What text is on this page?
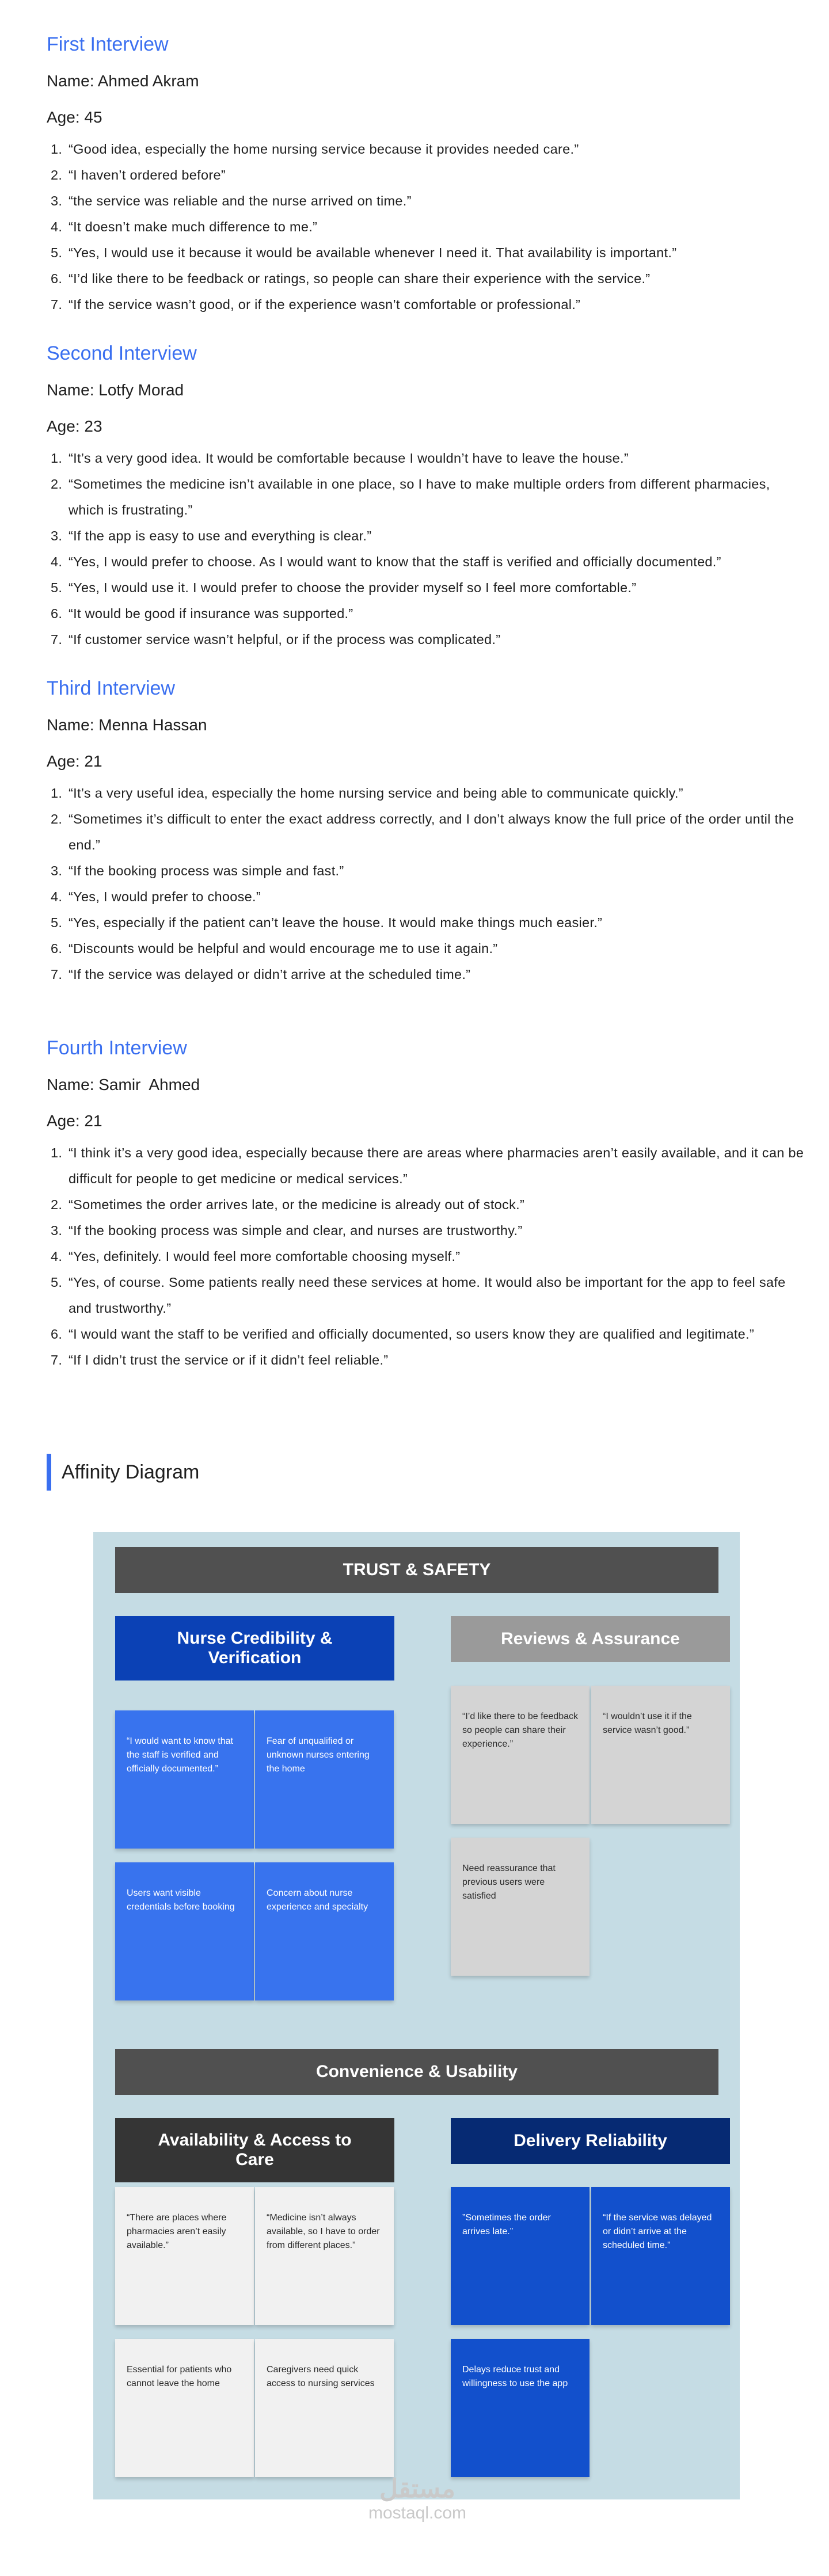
First Interview
Name: Ahmed Akram
Age: 45
1. “Good idea, especially the home nursing service because it provides needed care.”
2. “I haven’t ordered before”
3. “the service was reliable and the nurse arrived on time.”
4. “It doesn’t make much difference to me.”
5. “Yes, I would use it because it would be available whenever I need it. That availability is important.”
6. “I’d like there to be feedback or ratings, so people can share their experience with the service.”
7. “If the service wasn’t good, or if the experience wasn’t comfortable or professional.”
Second Interview
Name: Lotfy Morad
Age: 23
1. “It’s a very good idea. It would be comfortable because I wouldn’t have to leave the house.”
2. “Sometimes the medicine isn’t available in one place, so I have to make multiple orders from different pharmacies, which is frustrating.”
3. “If the app is easy to use and everything is clear.”
4. “Yes, I would prefer to choose. As I would want to know that the staff is verified and officially documented.”
5. “Yes, I would use it. I would prefer to choose the provider myself so I feel more comfortable.”
6. “It would be good if insurance was supported.”
7. “If customer service wasn’t helpful, or if the process was complicated.”
Third Interview
Name: Menna Hassan
Age: 21
1. “It’s a very useful idea, especially the home nursing service and being able to communicate quickly.”
2. “Sometimes it’s difficult to enter the exact address correctly, and I don’t always know the full price of the order until the end.”
3. “If the booking process was simple and fast.”
4. “Yes, I would prefer to choose.”
5. “Yes, especially if the patient can’t leave the house. It would make things much easier.”
6. “Discounts would be helpful and would encourage me to use it again.”
7. “If the service was delayed or didn’t arrive at the scheduled time.”
Fourth Interview
Name: Samir  Ahmed
Age: 21
1. “I think it’s a very good idea, especially because there are areas where pharmacies aren’t easily available, and it can be difficult for people to get medicine or medical services.”
2. “Sometimes the order arrives late, or the medicine is already out of stock.”
3. “If the booking process was simple and clear, and nurses are trustworthy.”
4. “Yes, definitely. I would feel more comfortable choosing myself.”
5. “Yes, of course. Some patients really need these services at home. It would also be important for the app to feel safe and trustworthy.”
6. “I would want the staff to be verified and officially documented, so users know they are qualified and legitimate.”
7. “If I didn’t trust the service or if it didn’t feel reliable.”
Affinity Diagram
TRUST & SAFETY
Nurse Credibility & Verification
“I would want to know that the staff is verified and officially documented.”
Fear of unqualified or unknown nurses entering the home
Users want visible credentials before booking
Concern about nurse experience and specialty
Reviews & Assurance
“I’d like there to be feedback so people can share their experience.”
“I wouldn’t use it if the service wasn’t good.”
Need reassurance that previous users were satisfied
Convenience & Usability
Availability & Access to Care
“There are places where pharmacies aren’t easily available.”
“Medicine isn’t always available, so I have to order from different places.”
Essential for patients who cannot leave the home
Caregivers need quick access to nursing services
Delivery Reliability
”Sometimes the order arrives late.”
“If the service was delayed or didn’t arrive at the scheduled time.”
Delays reduce trust and willingness to use the app
مستقل
mostaql.com
